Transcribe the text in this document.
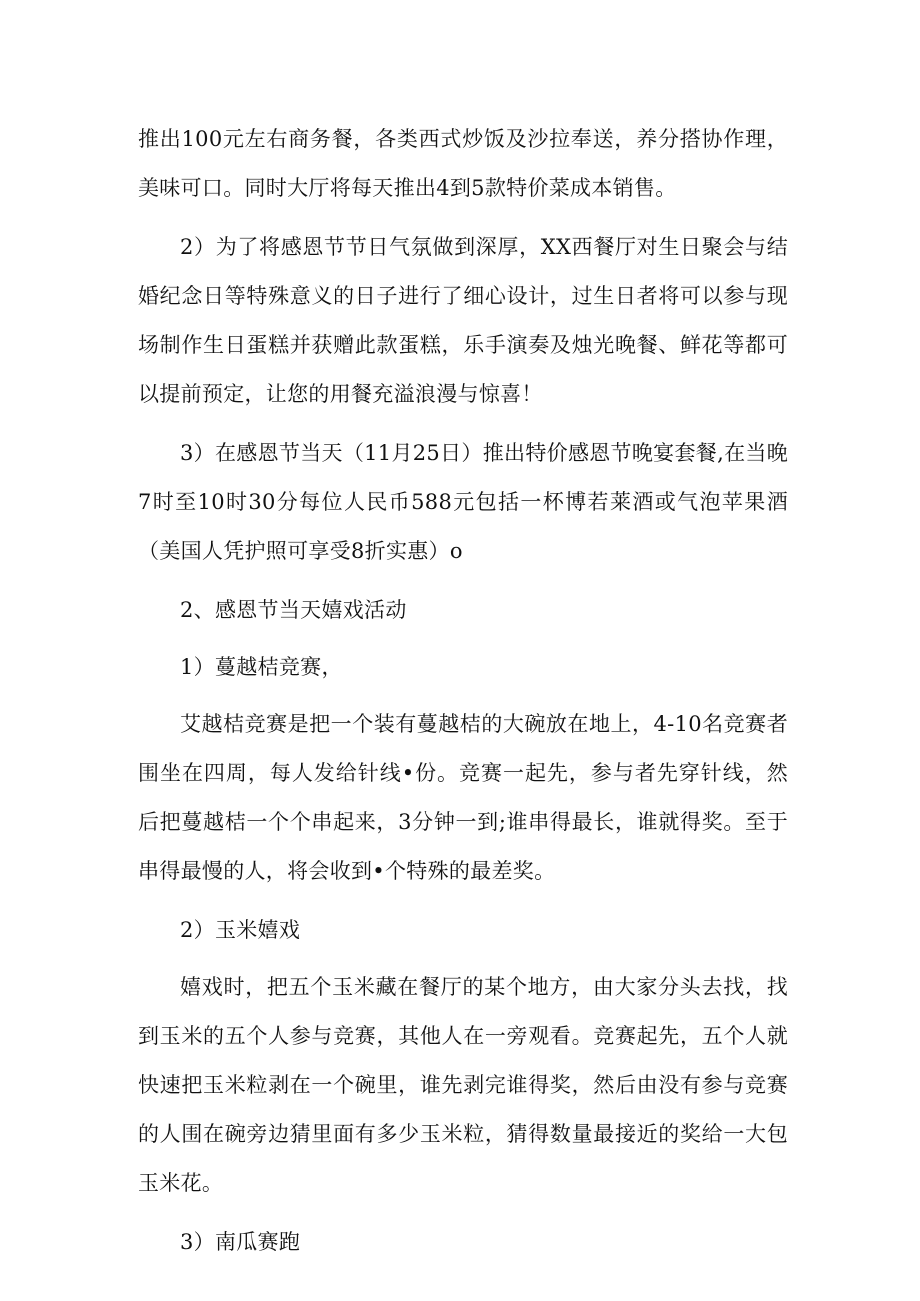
推出100元左右商务餐，各类西式炒饭及沙拉奉送，养分搭协作理，美味可口。同时大厅将每天推出4到5款特价菜成本销售。

2）为了将感恩节节日气氛做到深厚，XX西餐厅对生日聚会与结婚纪念日等特殊意义的日子进行了细心设计，过生日者将可以参与现场制作生日蛋糕并获赠此款蛋糕，乐手演奏及烛光晚餐、鲜花等都可以提前预定，让您的用餐充溢浪漫与惊喜！

3）在感恩节当天（11月25日）推出特价感恩节晚宴套餐,在当晚7时至10时30分每位人民币588元包括一杯博若莱酒或气泡苹果酒（美国人凭护照可享受8折实惠）o

2、感恩节当天嬉戏活动

1）蔓越桔竞赛，

艾越桔竞赛是把一个装有蔓越桔的大碗放在地上，4-10名竞赛者围坐在四周，每人发给针线•份。竞赛一起先，参与者先穿针线，然后把蔓越桔一个个串起来，3分钟一到;谁串得最长，谁就得奖。至于串得最慢的人，将会收到•个特殊的最差奖。

2）玉米嬉戏

嬉戏时，把五个玉米藏在餐厅的某个地方，由大家分头去找，找到玉米的五个人参与竞赛，其他人在一旁观看。竞赛起先，五个人就快速把玉米粒剥在一个碗里，谁先剥完谁得奖，然后由没有参与竞赛的人围在碗旁边猜里面有多少玉米粒，猜得数量最接近的奖给一大包玉米花。

3）南瓜赛跑
